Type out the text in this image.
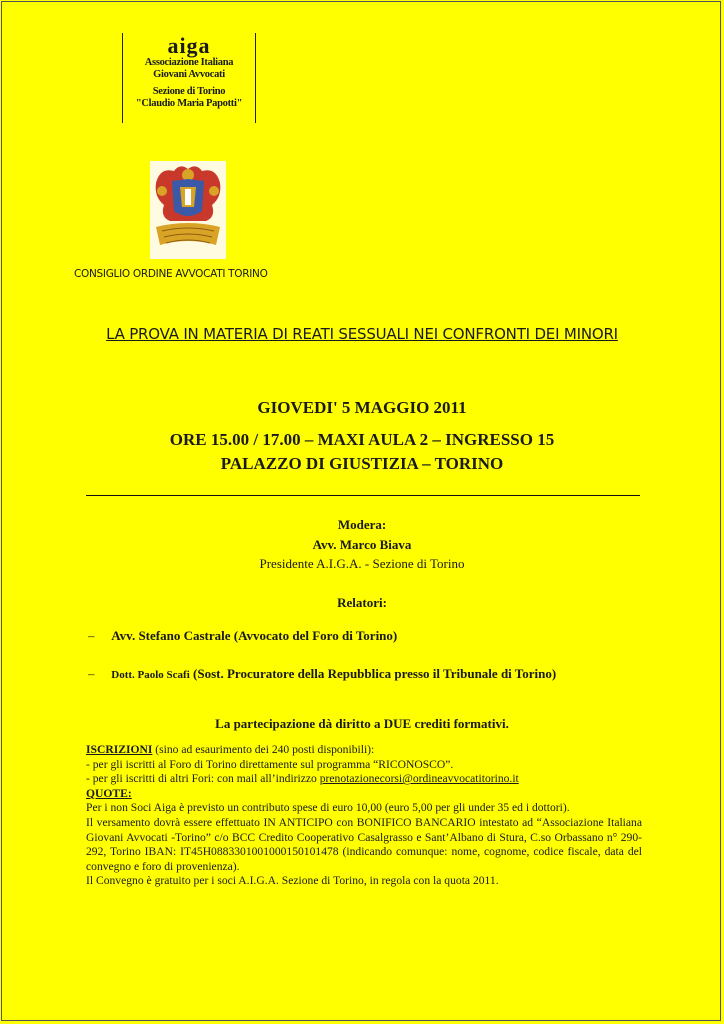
aiga
Associazione Italiana
Giovani Avvocati
Sezione di Torino
"Claudio Maria Papotti"
CONSIGLIO ORDINE AVVOCATI TORINO
LA PROVA IN MATERIA DI REATI SESSUALI NEI CONFRONTI DEI MINORI
GIOVEDI' 5 MAGGIO 2011
ORE 15.00 / 17.00 – MAXI AULA 2 – INGRESSO 15
PALAZZO DI GIUSTIZIA – TORINO
Modera:
Avv. Marco Biava
Presidente A.I.G.A. - Sezione di Torino
Relatori:
– Avv. Stefano Castrale (Avvocato del Foro di Torino)
– Dott. Paolo Scafi (Sost. Procuratore della Repubblica presso il Tribunale di Torino)
La partecipazione dà diritto a DUE crediti formativi.

ISCRIZIONI (sino ad esaurimento dei 240 posti disponibili):

- per gli iscritti al Foro di Torino direttamente sul programma “RICONOSCO”.

- per gli iscritti di altri Fori: con mail all’indirizzo prenotazionecorsi@ordineavvocatitorino.it

QUOTE:

Per i non Soci Aiga è previsto un contributo spese di euro 10,00 (euro 5,00 per gli under 35 ed i dottori).

Il versamento dovrà essere effettuato IN ANTICIPO con BONIFICO BANCARIO intestato ad “Associazione Italiana Giovani Avvocati -Torino” c/o BCC Credito Cooperativo Casalgrasso e Sant’Albano di Stura, C.so Orbassano n° 290-292, Torino IBAN: IT45H0883301001000150101478 (indicando comunque: nome, cognome, codice fiscale, data del convegno e foro di provenienza).

Il Convegno è gratuito per i soci A.I.G.A. Sezione di Torino, in regola con la quota 2011.
